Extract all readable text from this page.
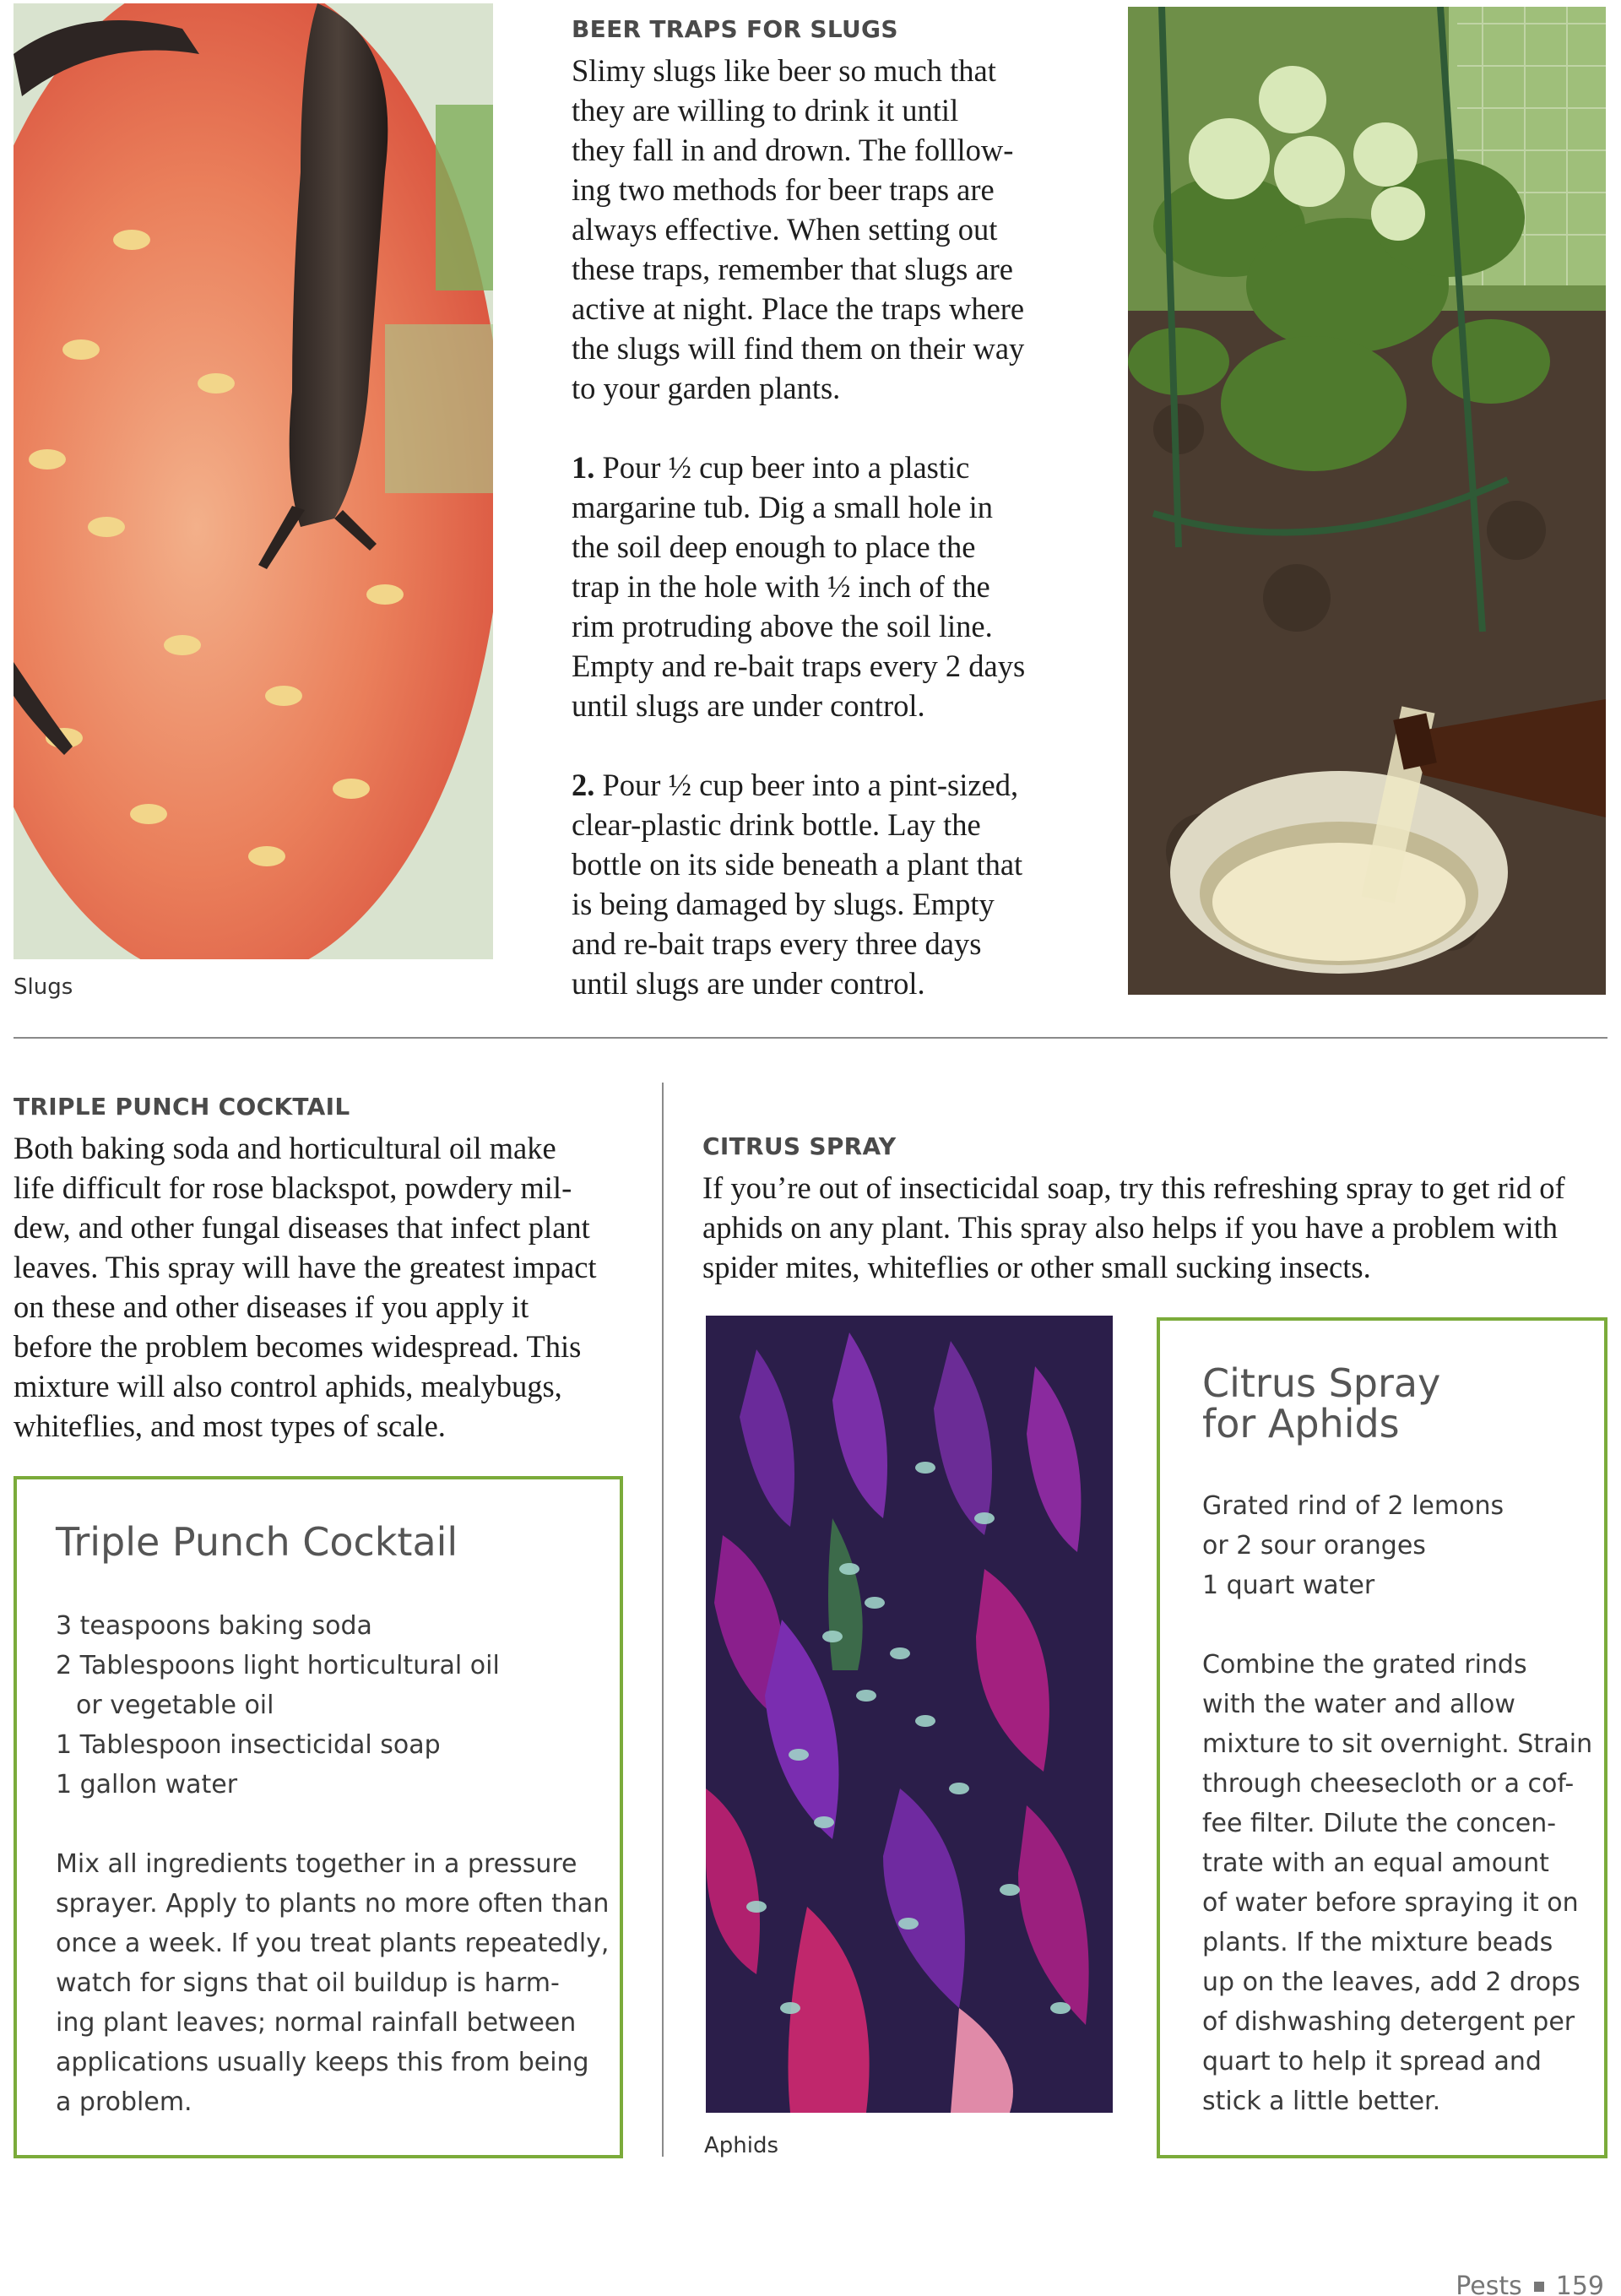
Slugs
BEER TRAPS FOR SLUGS

Slimy slugs like beer so much that
they are willing to drink it until
they fall in and drown. The folllow-
ing two methods for beer traps are
always effective. When setting out
these traps, remember that slugs are
active at night. Place the traps where
the slugs will find them on their way
to your garden plants.

1. Pour ½ cup beer into a plastic
margarine tub. Dig a small hole in
the soil deep enough to place the
trap in the hole with ½ inch of the
rim protruding above the soil line.
Empty and re-bait traps every 2 days
until slugs are under control.

2. Pour ½ cup beer into a pint-sized,
clear-plastic drink bottle. Lay the
bottle on its side beneath a plant that
is being damaged by slugs. Empty
and re-bait traps every three days
until slugs are under control.

TRIPLE PUNCH COCKTAIL
Both baking soda and horticultural oil make
life difficult for rose blackspot, powdery mil-
dew, and other fungal diseases that infect plant
leaves. This spray will have the greatest impact
on these and other diseases if you apply it
before the problem becomes widespread. This
mixture will also control aphids, mealybugs,
whiteflies, and most types of scale.
Triple Punch Cocktail
3 teaspoons baking soda
2 Tablespoons light horticultural oil
or vegetable oil
1 Tablespoon insecticidal soap
1 gallon water
Mix all ingredients together in a pressure
sprayer. Apply to plants no more often than
once a week. If you treat plants repeatedly,
watch for signs that oil buildup is harm-
ing plant leaves; normal rainfall between
applications usually keeps this from being
a problem.
CITRUS SPRAY
If you’re out of insecticidal soap, try this refreshing spray to get rid of
aphids on any plant. This spray also helps if you have a problem with
spider mites, whiteflies or other small sucking insects.
Aphids
Citrus Spray
for Aphids
Grated rind of 2 lemons
or 2 sour oranges
1 quart water
Combine the grated rinds
with the water and allow
mixture to sit overnight. Strain
through cheesecloth or a cof-
fee filter. Dilute the concen-
trate with an equal amount
of water before spraying it on
plants. If the mixture beads
up on the leaves, add 2 drops
of dishwashing detergent per
quart to help it spread and
stick a little better.
Pests 159
